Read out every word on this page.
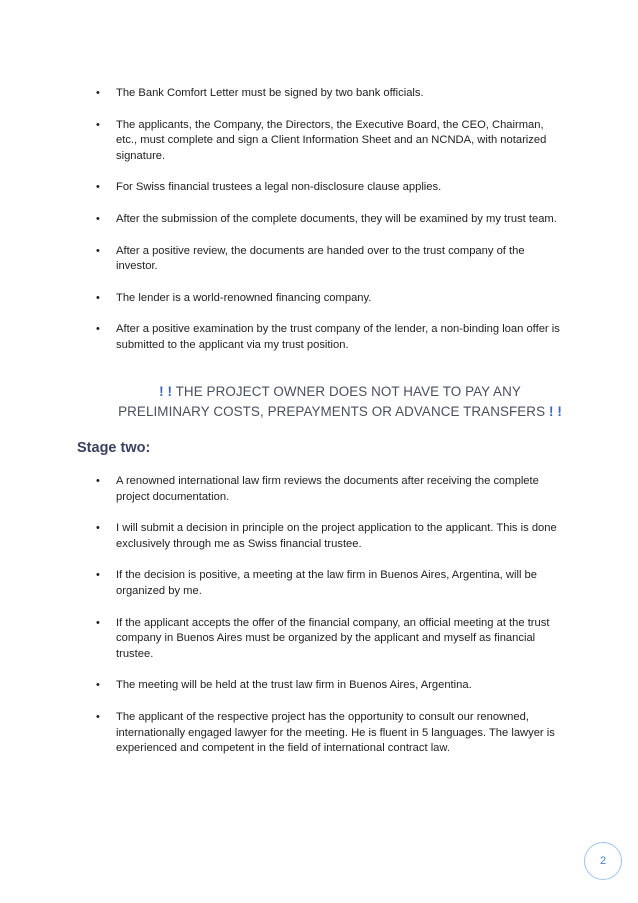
• The Bank Comfort Letter must be signed by two bank officials.
• The applicants, the Company, the Directors, the Executive Board, the CEO, Chairman, etc., must complete and sign a Client Information Sheet and an NCNDA, with notarized signature.
• For Swiss financial trustees a legal non-disclosure clause applies.
• After the submission of the complete documents, they will be examined by my trust team.
• After a positive review, the documents are handed over to the trust company of the investor.
• The lender is a world-renowned financing company.
• After a positive examination by the trust company of the lender, a non-binding loan offer is submitted to the applicant via my trust position.
! ! THE PROJECT OWNER DOES NOT HAVE TO PAY ANY
PRELIMINARY COSTS, PREPAYMENTS OR ADVANCE TRANSFERS ! !
Stage two:
• A renowned international law firm reviews the documents after receiving the complete project documentation.
• I will submit a decision in principle on the project application to the applicant. This is done exclusively through me as Swiss financial trustee.
• If the decision is positive, a meeting at the law firm in Buenos Aires, Argentina, will be organized by me.
• If the applicant accepts the offer of the financial company, an official meeting at the trust company in Buenos Aires must be organized by the applicant and myself as financial trustee.
• The meeting will be held at the trust law firm in Buenos Aires, Argentina.
• The applicant of the respective project has the opportunity to consult our renowned, internationally engaged lawyer for the meeting. He is fluent in 5 languages. The lawyer is experienced and competent in the field of international contract law.
2
